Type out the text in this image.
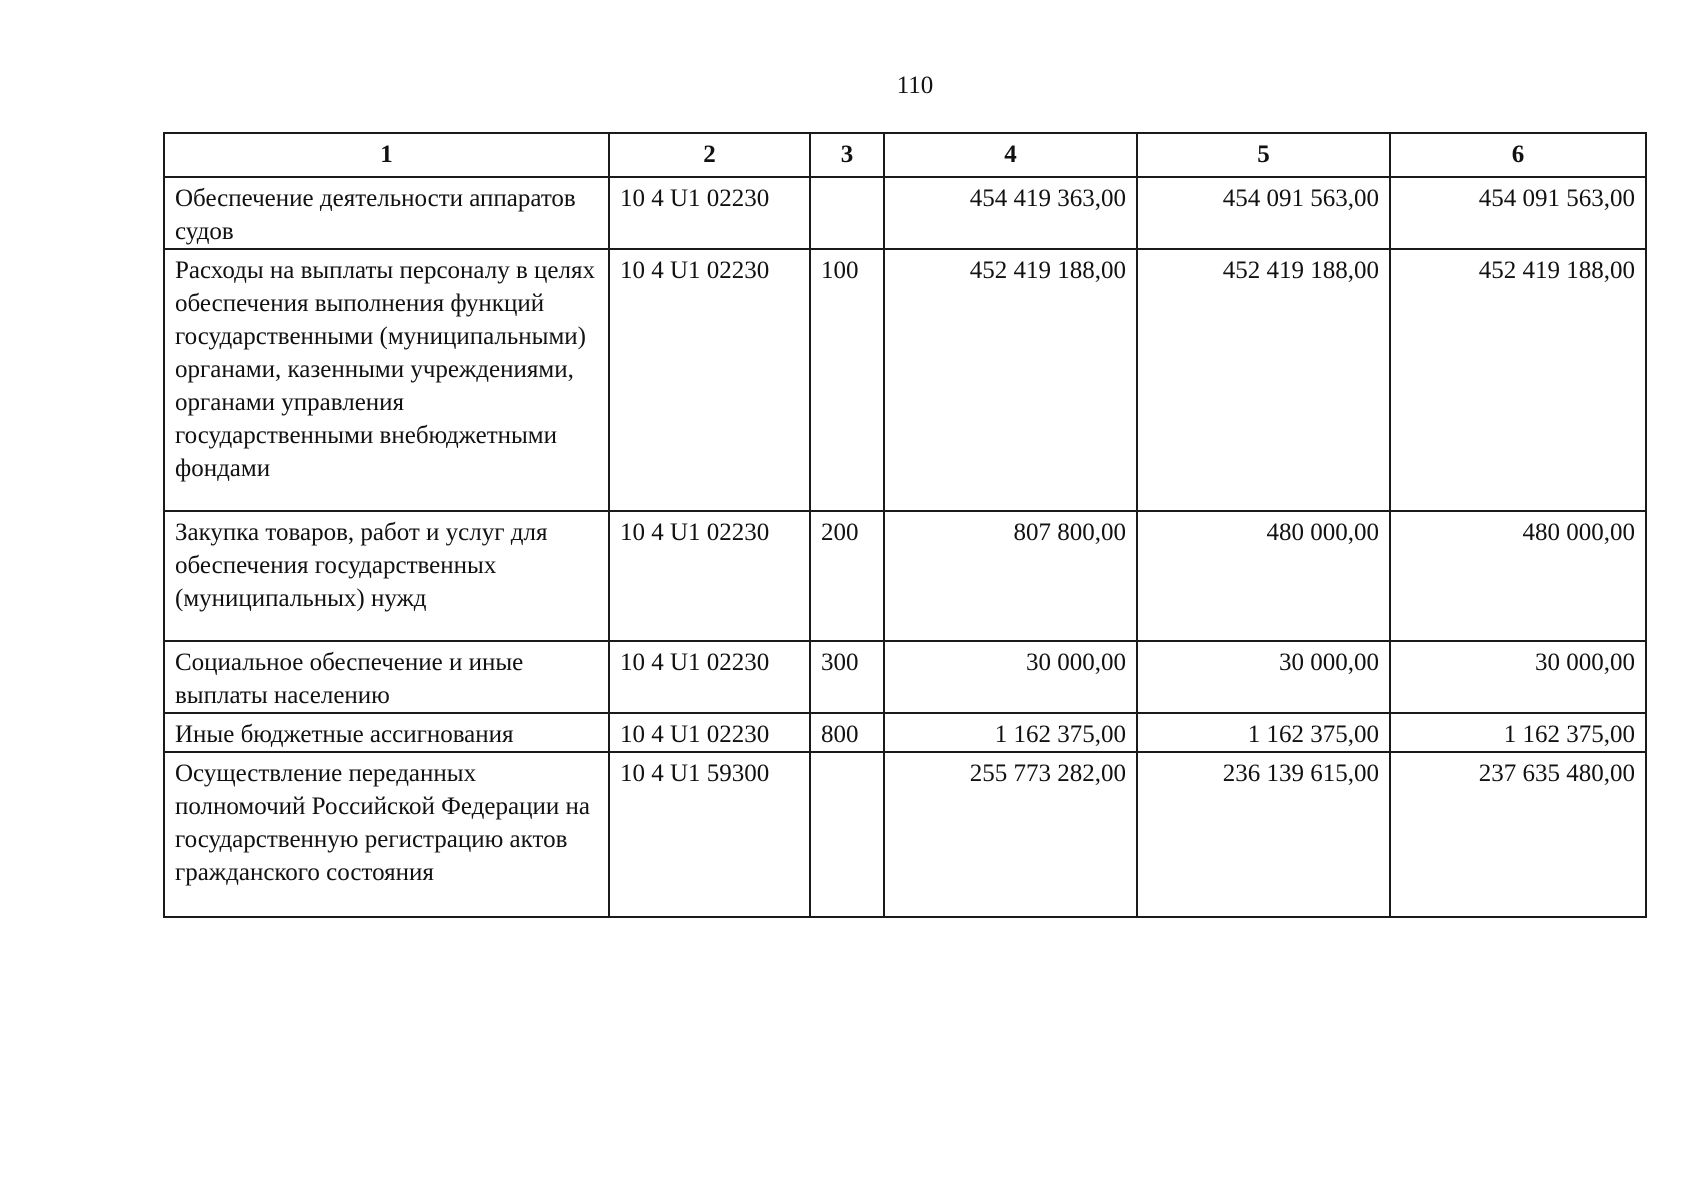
110
1	2	3	4	5	6
Обеспечение деятельности аппаратов судов	10 4 U1 02230		454 419 363,00	454 091 563,00	454 091 563,00
Расходы на выплаты персоналу в целях обеспечения выполнения функций государственными (муниципальными) органами, казенными учреждениями, органами управления государственными внебюджетными фондами	10 4 U1 02230	100	452 419 188,00	452 419 188,00	452 419 188,00
Закупка товаров, работ и услуг для обеспечения государственных (муниципальных) нужд	10 4 U1 02230	200	807 800,00	480 000,00	480 000,00
Социальное обеспечение и иные выплаты населению	10 4 U1 02230	300	30 000,00	30 000,00	30 000,00
Иные бюджетные ассигнования	10 4 U1 02230	800	1 162 375,00	1 162 375,00	1 162 375,00
Осуществление переданных полномочий Российской Федерации на государственную регистрацию актов гражданского состояния	10 4 U1 59300		255 773 282,00	236 139 615,00	237 635 480,00
